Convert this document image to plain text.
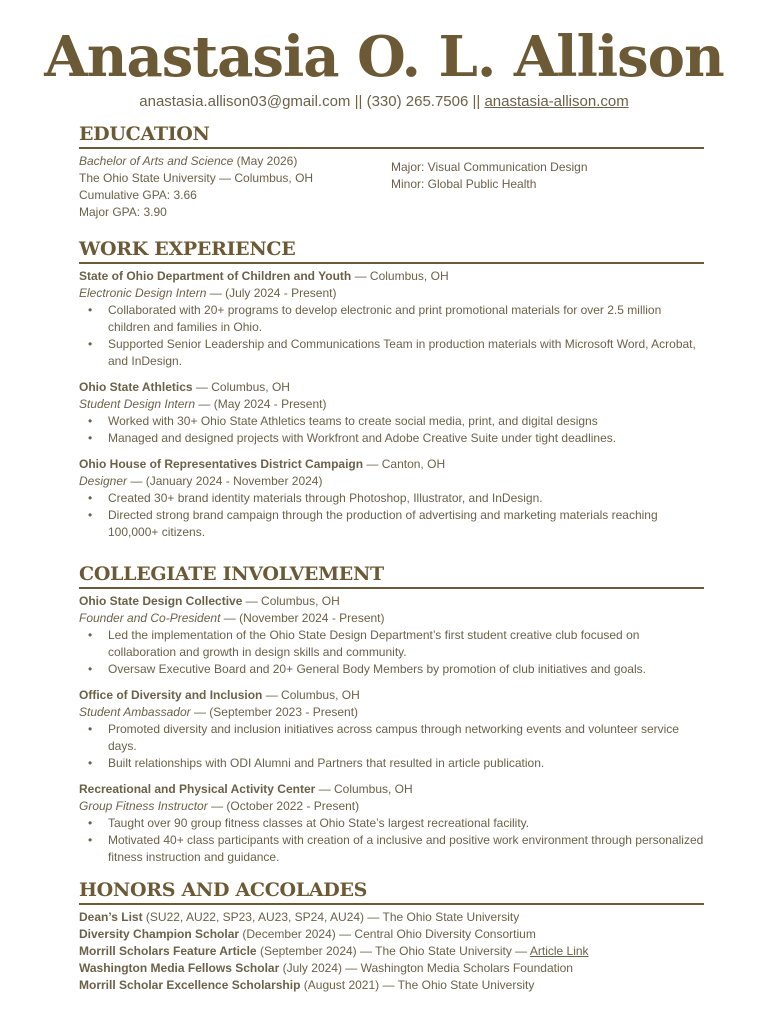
Anastasia O. L. Allison
anastasia.allison03@gmail.com || (330) 265.7506 || anastasia-allison.com
EDUCATION
Bachelor of Arts and Science (May 2026)
The Ohio State University — Columbus, OH
Cumulative GPA: 3.66
Major GPA: 3.90
Major: Visual Communication Design
Minor: Global Public Health
WORK EXPERIENCE
State of Ohio Department of Children and Youth — Columbus, OH
Electronic Design Intern — (July 2024 - Present)
• Collaborated with 20+ programs to develop electronic and print promotional materials for over 2.5 million children and families in Ohio.
• Supported Senior Leadership and Communications Team in production materials with Microsoft Word, Acrobat, and InDesign.
Ohio State Athletics — Columbus, OH
Student Design Intern — (May 2024 - Present)
• Worked with 30+ Ohio State Athletics teams to create social media, print, and digital designs
• Managed and designed projects with Workfront and Adobe Creative Suite under tight deadlines.
Ohio House of Representatives District Campaign — Canton, OH
Designer — (January 2024 - November 2024)
• Created 30+ brand identity materials through Photoshop, Illustrator, and InDesign.
• Directed strong brand campaign through the production of advertising and marketing materials reaching 100,000+ citizens.
COLLEGIATE INVOLVEMENT
Ohio State Design Collective — Columbus, OH
Founder and Co-President — (November 2024 - Present)
• Led the implementation of the Ohio State Design Department’s first student creative club focused on collaboration and growth in design skills and community.
• Oversaw Executive Board and 20+ General Body Members by promotion of club initiatives and goals.
Office of Diversity and Inclusion — Columbus, OH
Student Ambassador — (September 2023 - Present)
• Promoted diversity and inclusion initiatives across campus through networking events and volunteer service days.
• Built relationships with ODI Alumni and Partners that resulted in article publication.
Recreational and Physical Activity Center — Columbus, OH
Group Fitness Instructor — (October 2022 - Present)
• Taught over 90 group fitness classes at Ohio State’s largest recreational facility.
• Motivated 40+ class participants with creation of a inclusive and positive work environment through personalized fitness instruction and guidance.
HONORS AND ACCOLADES
Dean’s List (SU22, AU22, SP23, AU23, SP24, AU24) — The Ohio State University
Diversity Champion Scholar (December 2024) — Central Ohio Diversity Consortium
Morrill Scholars Feature Article (September 2024) — The Ohio State University — Article Link
Washington Media Fellows Scholar (July 2024) — Washington Media Scholars Foundation
Morrill Scholar Excellence Scholarship (August 2021) — The Ohio State University
